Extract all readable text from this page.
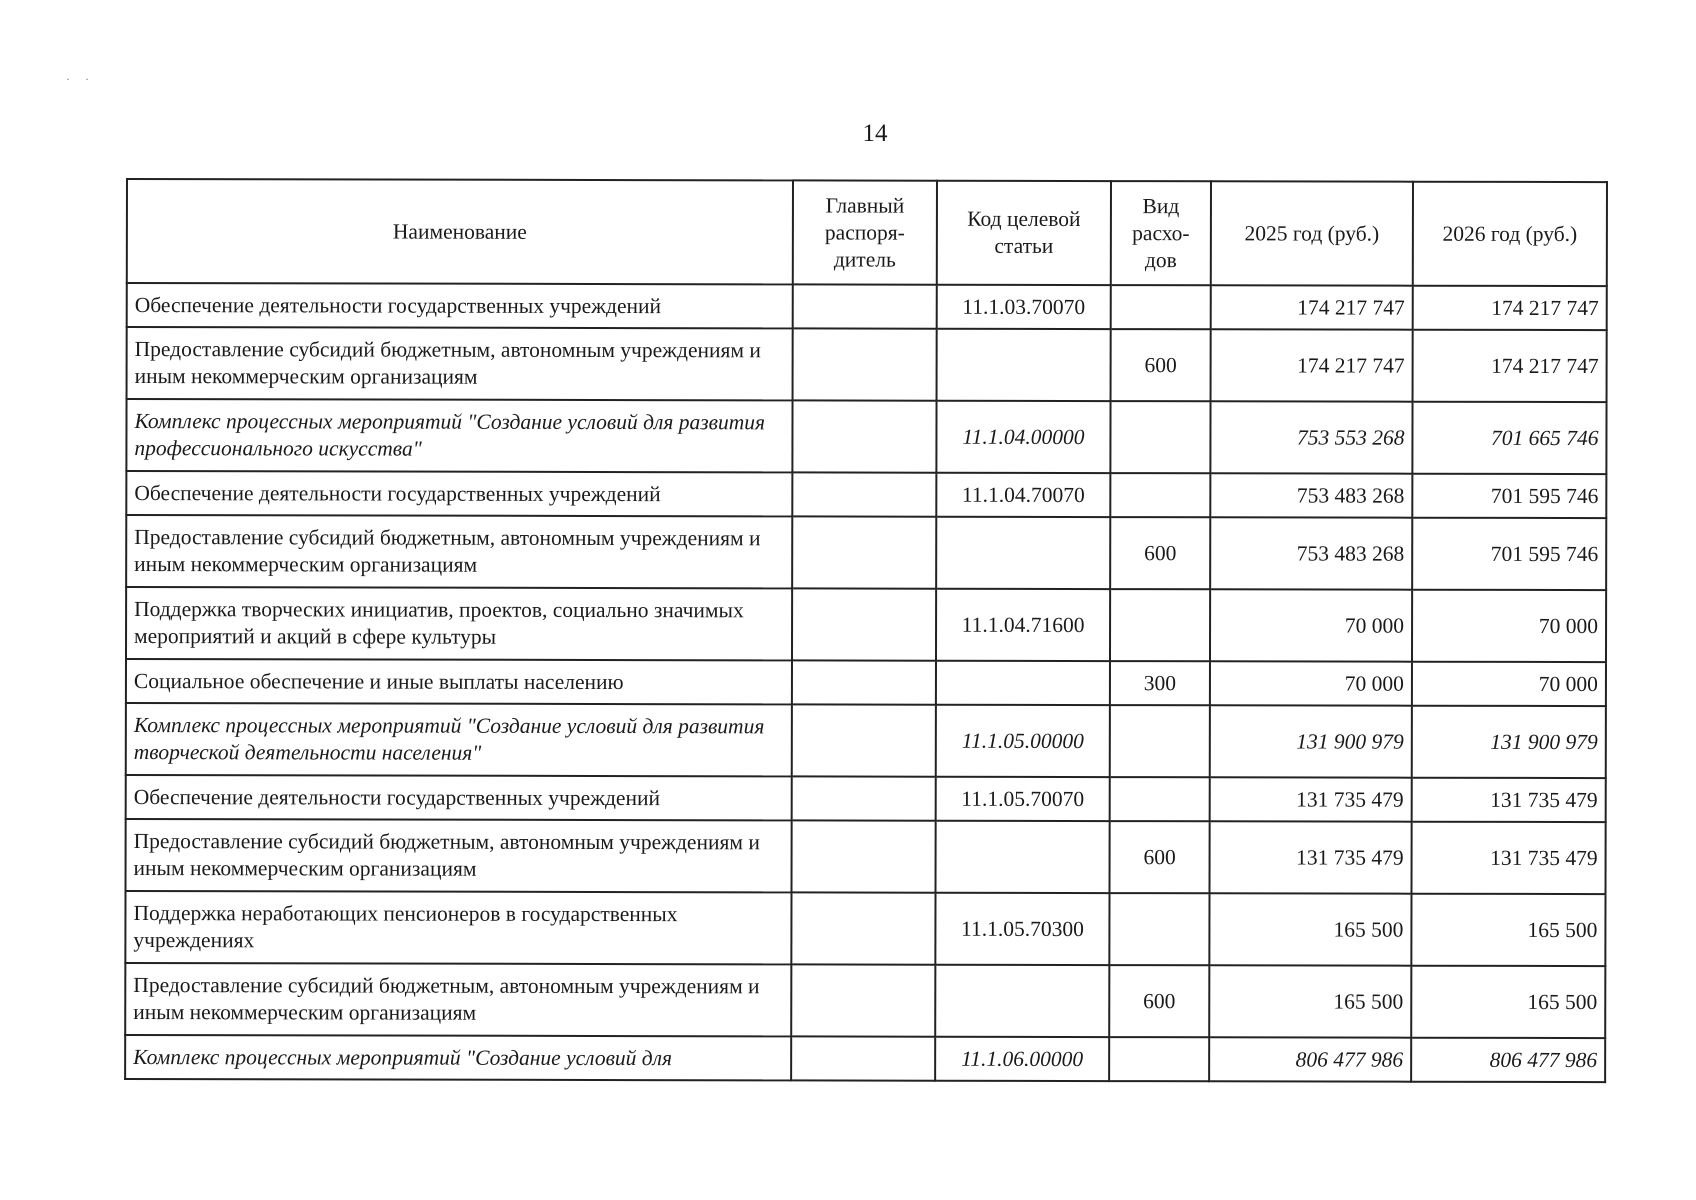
· ·
14
Наименование	Главный распоря-дитель	Код целевой статьи	Вид расхо-дов	2025 год (руб.)	2026 год (руб.)
Обеспечение деятельности государственных учреждений		11.1.03.70070		174 217 747	174 217 747
Предоставление субсидий бюджетным, автономным учреждениям и иным некоммерческим организациям			600	174 217 747	174 217 747
Комплекс процессных мероприятий "Создание условий для развития профессионального искусства"		11.1.04.00000		753 553 268	701 665 746
Обеспечение деятельности государственных учреждений		11.1.04.70070		753 483 268	701 595 746
Предоставление субсидий бюджетным, автономным учреждениям и иным некоммерческим организациям			600	753 483 268	701 595 746
Поддержка творческих инициатив, проектов, социально значимых мероприятий и акций в сфере культуры		11.1.04.71600		70 000	70 000
Социальное обеспечение и иные выплаты населению			300	70 000	70 000
Комплекс процессных мероприятий "Создание условий для развития творческой деятельности населения"		11.1.05.00000		131 900 979	131 900 979
Обеспечение деятельности государственных учреждений		11.1.05.70070		131 735 479	131 735 479
Предоставление субсидий бюджетным, автономным учреждениям и иным некоммерческим организациям			600	131 735 479	131 735 479
Поддержка неработающих пенсионеров в государственных учреждениях		11.1.05.70300		165 500	165 500
Предоставление субсидий бюджетным, автономным учреждениям и иным некоммерческим организациям			600	165 500	165 500
Комплекс процессных мероприятий "Создание условий для		11.1.06.00000		806 477 986	806 477 986
